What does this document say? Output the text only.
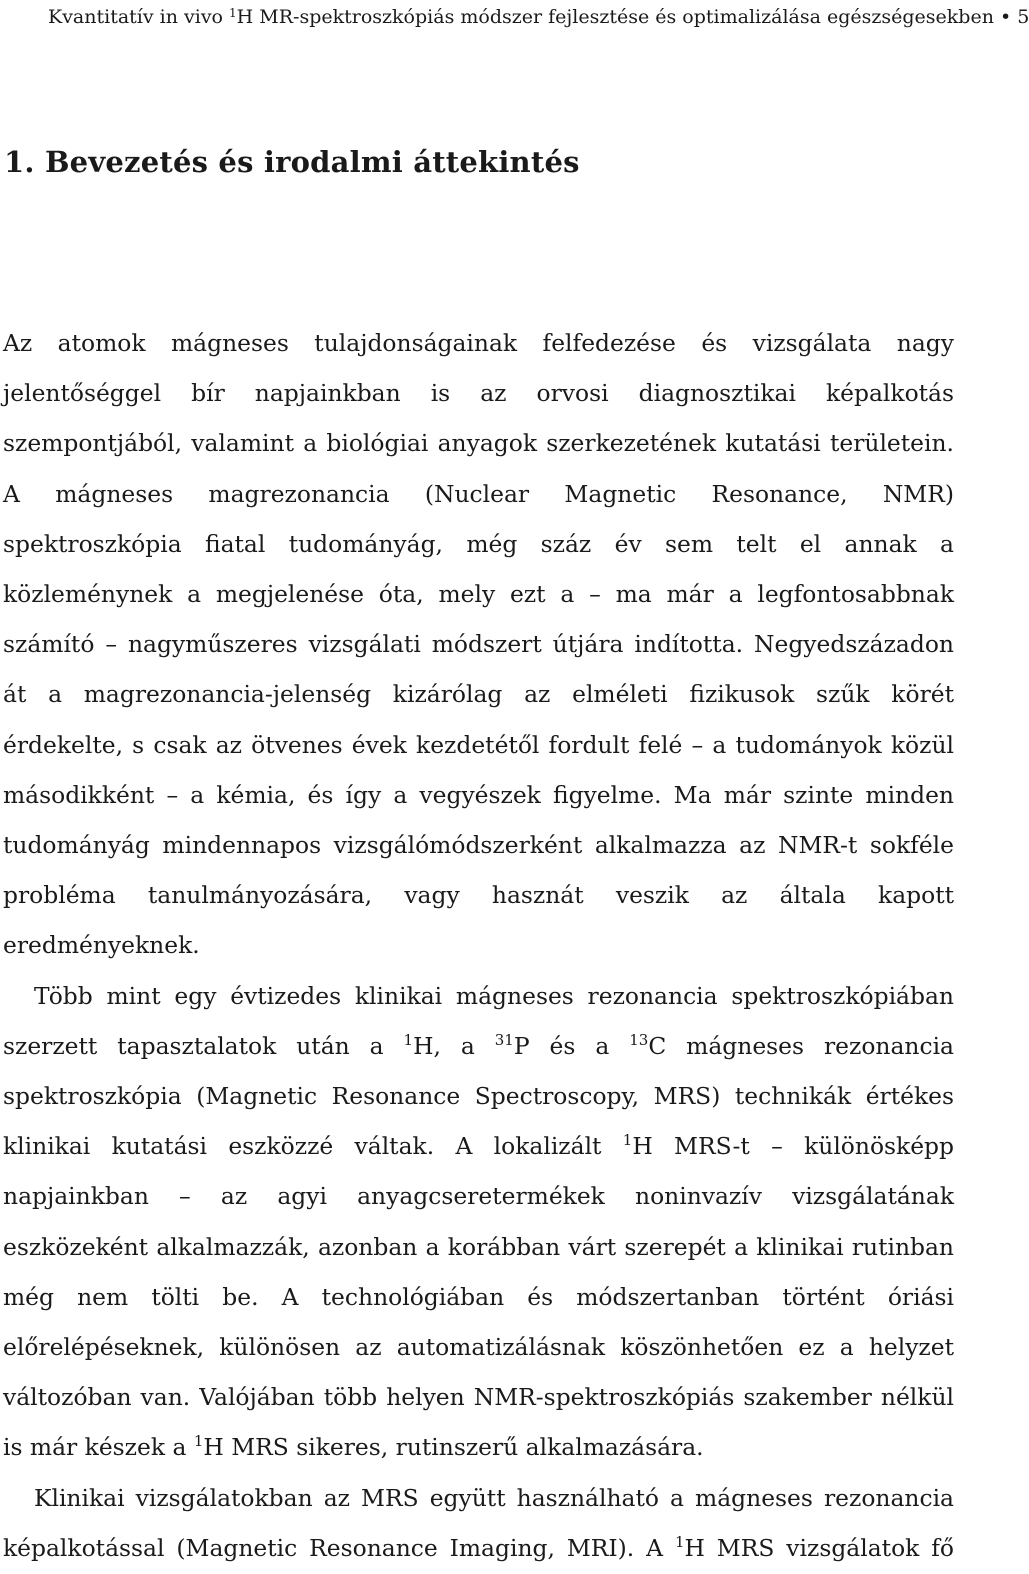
Kvantitatív in vivo $^1$H MR-spektroszkópiás módszer fejlesztése és optimalizálása egészségesekben • 5
1. Bevezetés és irodalmi áttekintés

Az atomok mágneses tulajdonságainak felfedezése és vizsgálata nagy jelentőséggel bír napjainkban is az orvosi diagnosztikai képalkotás szempontjából, valamint a biológiai anyagok szerkezetének kutatási területein. A mágneses magrezonancia (Nuclear Magnetic Resonance, NMR) spektroszkópia fiatal tudományág, még száz év sem telt el annak a közleménynek a megjelenése óta, mely ezt a – ma már a legfontosabbnak számító – nagyműszeres vizsgálati módszert útjára indította. Negyedszázadon át a magrezonancia-jelenség kizárólag az elméleti fizikusok szűk körét érdekelte, s csak az ötvenes évek kezdetétől fordult felé – a tudományok közül másodikként – a kémia, és így a vegyészek figyelme. Ma már szinte minden tudományág mindennapos vizsgálómódszerként alkalmazza az NMR-t sokféle probléma tanulmányozására, vagy hasznát veszik az általa kapott eredményeknek.

Több mint egy évtizedes klinikai mágneses rezonancia spektroszkópiában szerzett tapasztalatok után a $^1$H, a $^{31}$P és a $^{13}$C mágneses rezonancia spektroszkópia (Magnetic Resonance Spectroscopy, MRS) technikák értékes klinikai kutatási eszközzé váltak. A lokalizált $^1$H MRS-t – különösképp napjainkban – az agyi anyagcseretermékek noninvazív vizsgálatának eszközeként alkalmazzák, azonban a korábban várt szerepét a klinikai rutinban még nem tölti be. A technológiában és módszertanban történt óriási előrelépéseknek, különösen az automatizálásnak köszönhetően ez a helyzet változóban van. Valójában több helyen NMR-spektroszkópiás szakember nélkül is már készek a $^1$H MRS sikeres, rutinszerű alkalmazására.

Klinikai vizsgálatokban az MRS együtt használható a mágneses rezonancia képalkotással (Magnetic Resonance Imaging, MRI). A $^1$H MRS vizsgálatok fő
